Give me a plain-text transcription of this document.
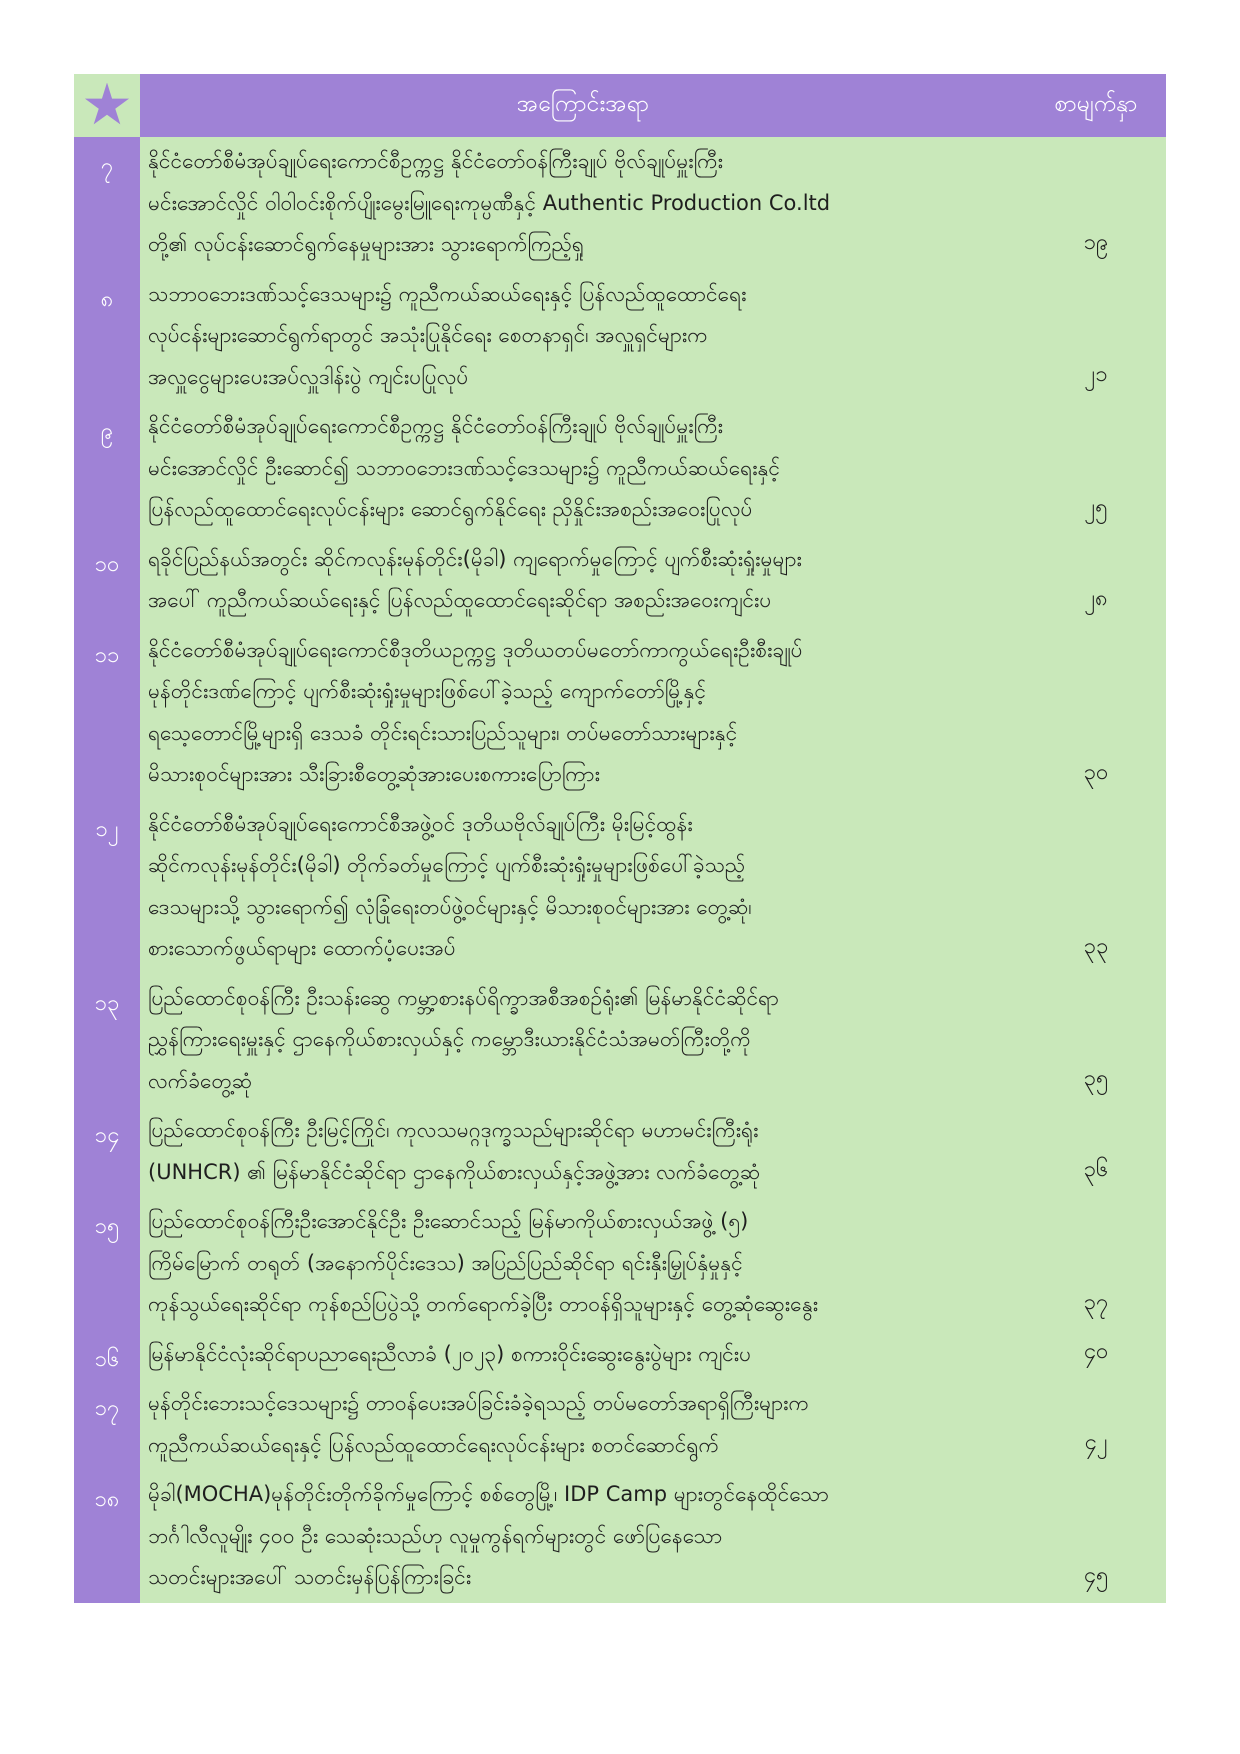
	အကြောင်းအရာ	စာမျက်နှာ
၇	နိုင်ငံတော်စီမံအုပ်ချုပ်ရေးကောင်စီဥက္ကဋ္ဌ နိုင်ငံတော်ဝန်ကြီးချုပ် ဗိုလ်ချုပ်မှူးကြီး
မင်းအောင်လှိုင် ဝါဝါဝင်းစိုက်ပျိုးမွေးမြူရေးကုမ္ပဏီနှင့် Authentic Production Co.ltd
တို့၏ လုပ်ငန်းဆောင်ရွက်နေမှုများအား သွားရောက်ကြည့်ရှု	၁၉
၈	သဘာဝဘေးဒဏ်သင့်ဒေသများ၌ ကူညီကယ်ဆယ်ရေးနှင့် ပြန်လည်ထူထောင်ရေး
လုပ်ငန်းများဆောင်ရွက်ရာတွင် အသုံးပြုနိုင်ရေး စေတနာရှင်၊ အလှူရှင်များက
အလှူငွေများပေးအပ်လှူဒါန်းပွဲ ကျင်းပပြုလုပ်	၂၁
၉	နိုင်ငံတော်စီမံအုပ်ချုပ်ရေးကောင်စီဥက္ကဋ္ဌ နိုင်ငံတော်ဝန်ကြီးချုပ် ဗိုလ်ချုပ်မှူးကြီး
မင်းအောင်လှိုင် ဦးဆောင်၍ သဘာဝဘေးဒဏ်သင့်ဒေသများ၌ ကူညီကယ်ဆယ်ရေးနှင့်
ပြန်လည်ထူထောင်ရေးလုပ်ငန်းများ ဆောင်ရွက်နိုင်ရေး ညှိနှိုင်းအစည်းအဝေးပြုလုပ်	၂၅
၁၀	ရခိုင်ပြည်နယ်အတွင်း ဆိုင်ကလုန်းမုန်တိုင်း(မိုခါ) ကျရောက်မှုကြောင့် ပျက်စီးဆုံးရှုံးမှုများ
အပေါ် ကူညီကယ်ဆယ်ရေးနှင့် ပြန်လည်ထူထောင်ရေးဆိုင်ရာ အစည်းအဝေးကျင်းပ	၂၈
၁၁	နိုင်ငံတော်စီမံအုပ်ချုပ်ရေးကောင်စီဒုတိယဥက္ကဋ္ဌ ဒုတိယတပ်မတော်ကာကွယ်ရေးဦးစီးချုပ်
မုန်တိုင်းဒဏ်ကြောင့် ပျက်စီးဆုံးရှုံးမှုများဖြစ်ပေါ်ခဲ့သည့် ကျောက်တော်မြို့နှင့်
ရသေ့တောင်မြို့များရှိ ဒေသခံ တိုင်းရင်းသားပြည်သူများ၊ တပ်မတော်သားများနှင့်
မိသားစုဝင်များအား သီးခြားစီတွေ့ဆုံအားပေးစကားပြောကြား	၃၀
၁၂	နိုင်ငံတော်စီမံအုပ်ချုပ်ရေးကောင်စီအဖွဲ့ဝင် ဒုတိယဗိုလ်ချုပ်ကြီး မိုးမြင့်ထွန်း
ဆိုင်ကလုန်းမုန်တိုင်း(မိုခါ) တိုက်ခတ်မှုကြောင့် ပျက်စီးဆုံးရှုံးမှုများဖြစ်ပေါ်ခဲ့သည့်
ဒေသများသို့ သွားရောက်၍ လုံခြုံရေးတပ်ဖွဲ့ဝင်များနှင့် မိသားစုဝင်များအား တွေ့ဆုံ၊
စားသောက်ဖွယ်ရာများ ထောက်ပံ့ပေးအပ်	၃၃
၁၃	ပြည်ထောင်စုဝန်ကြီး ဦးသန်းဆွေ ကမ္ဘာ့စားနပ်ရိက္ခာအစီအစဉ်ရုံး၏ မြန်မာနိုင်ငံဆိုင်ရာ
ညွှန်ကြားရေးမှူးနှင့် ဌာနေကိုယ်စားလှယ်နှင့် ကမ္ဘောဒီးယားနိုင်ငံသံအမတ်ကြီးတို့ကို
လက်ခံတွေ့ဆုံ	၃၅
၁၄	ပြည်ထောင်စုဝန်ကြီး ဦးမြင့်ကြိုင်၊ ကုလသမဂ္ဂဒုက္ခသည်များဆိုင်ရာ မဟာမင်းကြီးရုံး
(UNHCR) ၏ မြန်မာနိုင်ငံဆိုင်ရာ ဌာနေကိုယ်စားလှယ်နှင့်အဖွဲ့အား လက်ခံတွေ့ဆုံ	၃၆
၁၅	ပြည်ထောင်စုဝန်ကြီးဦးအောင်နိုင်ဦး ဦးဆောင်သည့် မြန်မာကိုယ်စားလှယ်အဖွဲ့ (၅)
ကြိမ်မြောက် တရုတ် (အနောက်ပိုင်းဒေသ) အပြည်ပြည်ဆိုင်ရာ ရင်းနှီးမြှုပ်နှံမှုနှင့်
ကုန်သွယ်ရေးဆိုင်ရာ ကုန်စည်ပြပွဲသို့ တက်ရောက်ခဲ့ပြီး တာဝန်ရှိသူများနှင့် တွေ့ဆုံဆွေးနွေး	၃၇
၁၆	မြန်မာနိုင်ငံလုံးဆိုင်ရာပညာရေးညီလာခံ (၂၀၂၃) စကားဝိုင်းဆွေးနွေးပွဲများ ကျင်းပ	၄၀
၁၇	မုန်တိုင်းဘေးသင့်ဒေသများ၌ တာဝန်ပေးအပ်ခြင်းခံခဲ့ရသည့် တပ်မတော်အရာရှိကြီးများက
ကူညီကယ်ဆယ်ရေးနှင့် ပြန်လည်ထူထောင်ရေးလုပ်ငန်းများ စတင်ဆောင်ရွက်	၄၂
၁၈	မိုခါ(MOCHA)မုန်တိုင်းတိုက်ခိုက်မှုကြောင့် စစ်တွေမြို့၊ IDP Camp များတွင်နေထိုင်သော
ဘင်္ဂါလီလူမျိုး ၄၀၀ ဦး သေဆုံးသည်ဟု လူမှုကွန်ရက်များတွင် ဖော်ပြနေသော
သတင်းများအပေါ် သတင်းမှန်ပြန်ကြားခြင်း	၄၅
